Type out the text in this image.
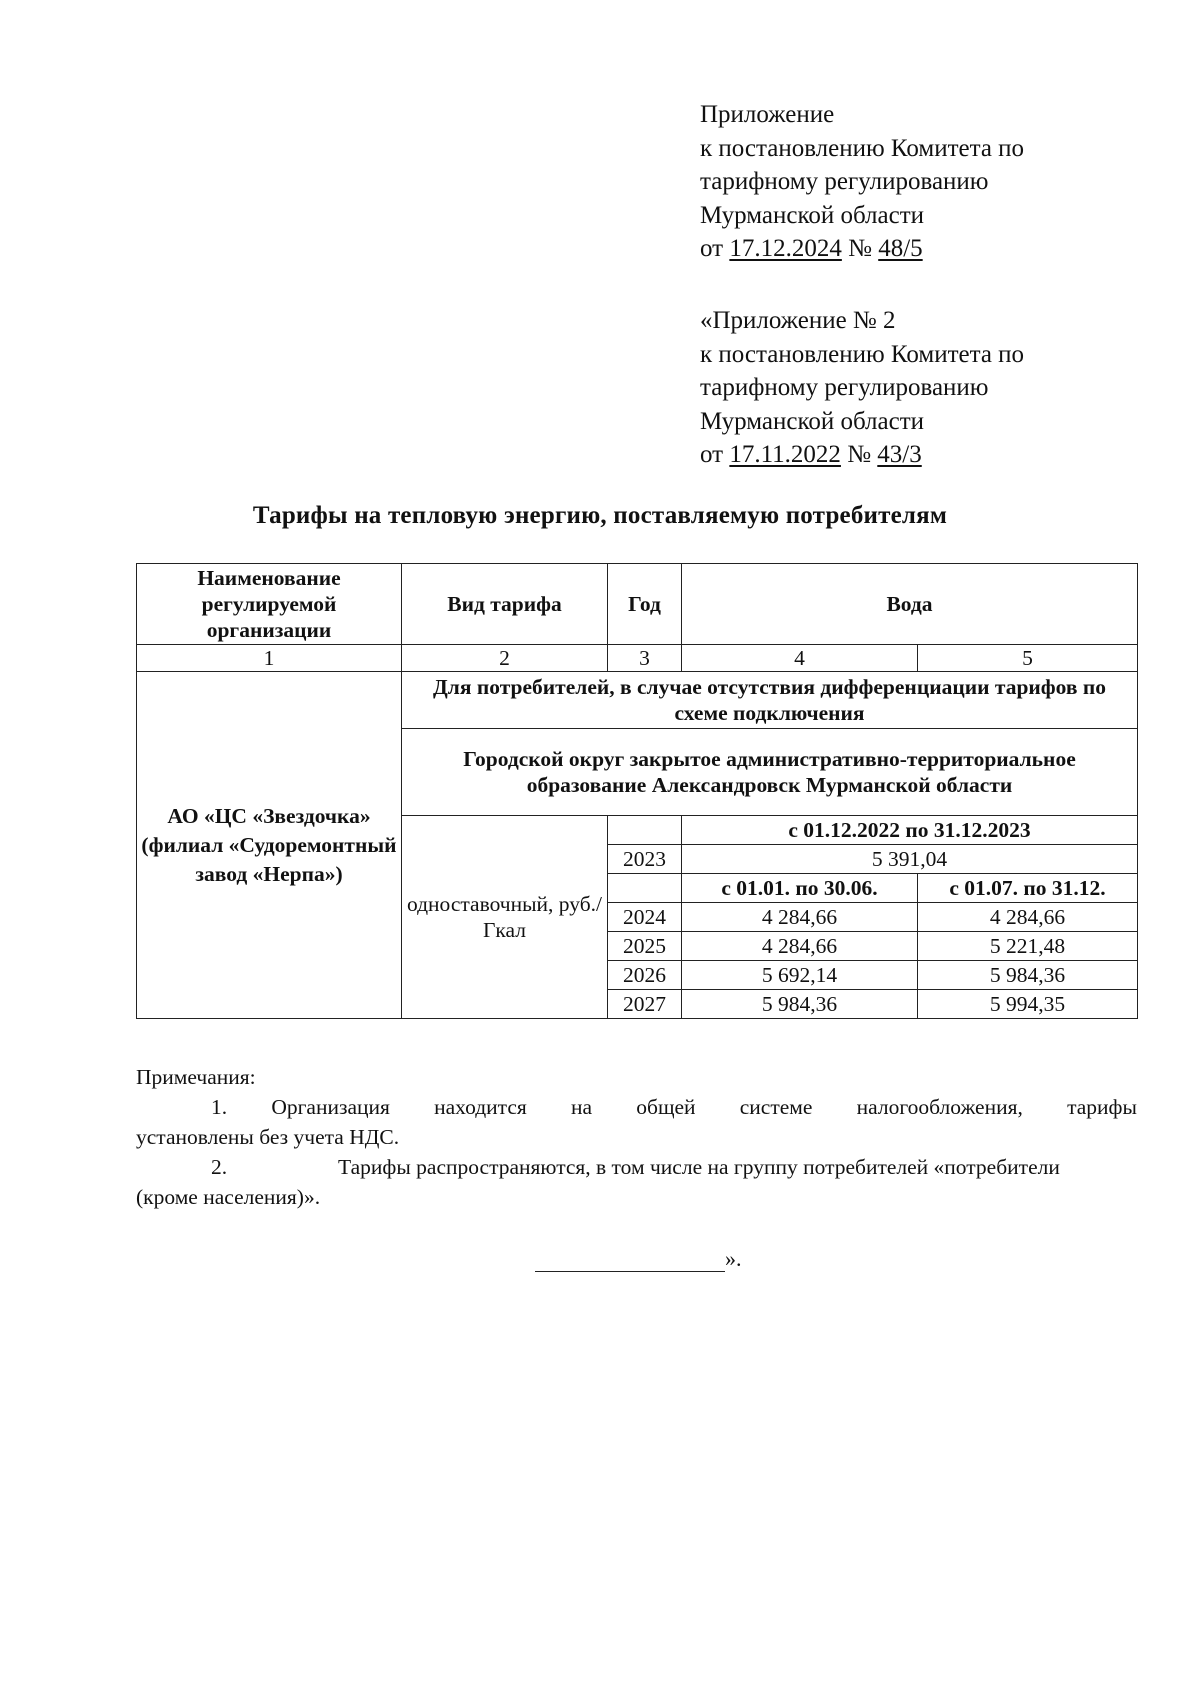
Приложение
к постановлению Комитета по
тарифному регулированию
Мурманской области
от 17.12.2024 № 48/5
«Приложение № 2
к постановлению Комитета по
тарифному регулированию
Мурманской области
от 17.11.2022 № 43/3
Тарифы на тепловую энергию, поставляемую потребителям
Наименование регулируемой организации	Вид тарифа	Год	Вода	
1	2	3	4	5
АО «ЦС «Звездочка» (филиал «Судоремонтный завод «Нерпа»)	Для потребителей, в случае отсутствия дифференциации тарифов по схеме подключения			
	Городской округ закрытое административно-территориальное образование Александровск Мурманской области			
	одноставочный, руб./Гкал		с 01.12.2022 по 31.12.2023	
		2023	5 391,04	
			с 01.01. по 30.06.	с 01.07. по 31.12.
		2024	4 284,66	4 284,66
		2025	4 284,66	5 221,48
		2026	5 692,14	5 984,36
		2027	5 984,36	5 994,35
Примечания:
1. Организация находится на общей системе налогообложения, тарифы
установлены без учета НДС.
2.	Тарифы распространяются, в том числе на группу потребителей «потребители
(кроме населения)».
».
